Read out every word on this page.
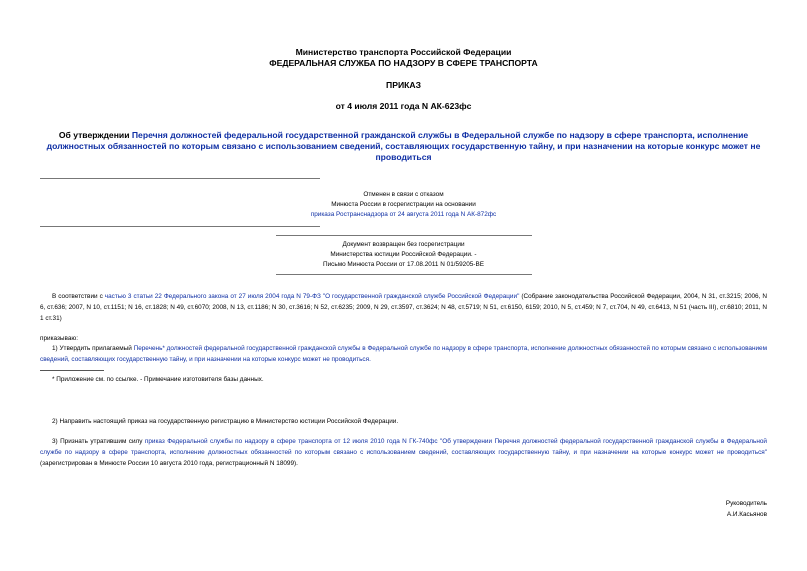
Министерство транспорта Российской Федерации
ФЕДЕРАЛЬНАЯ СЛУЖБА ПО НАДЗОРУ В СФЕРЕ ТРАНСПОРТА
ПРИКАЗ
от 4 июля 2011 года N АК-623фс
Об утверждении Перечня должностей федеральной государственной гражданской службы в Федеральной службе по надзору в сфере транспорта, исполнение должностных обязанностей по которым связано с использованием сведений, составляющих государственную тайну, и при назначении на которые конкурс может не проводиться
Отменен в связи с отказом
Минюста России в госрегистрации на основании
приказа Ространснадзора от 24 августа 2011 года N АК-872фс
Документ возвращен без госрегистрации
Министерства юстиции Российской Федерации. -
Письмо Минюста России от 17.08.2011 N 01/59205-ВЕ
В соответствии с частью 3 статьи 22 Федерального закона от 27 июля 2004 года N 79-ФЗ "О государственной гражданской службе Российской Федерации" (Собрание законодательства Российской Федерации, 2004, N 31, ст.3215; 2006, N 6, ст.636; 2007, N 10, ст.1151; N 16, ст.1828; N 49, ст.6070; 2008, N 13, ст.1186; N 30, ст.3616; N 52, ст.6235; 2009, N 29, ст.3597, ст.3624; N 48, ст.5719; N 51, ст.6150, 6159; 2010, N 5, ст.459; N 7, ст.704, N 49, ст.6413, N 51 (часть III), ст.6810; 2011, N 1 ст.31)
приказываю:
1) Утвердить прилагаемый Перечень* должностей федеральной государственной гражданской службы в Федеральной службе по надзору в сфере транспорта, исполнение должностных обязанностей по которым связано с использованием сведений, составляющих государственную тайну, и при назначении на которые конкурс может не проводиться.
* Приложение см. по ссылке. - Примечание изготовителя базы данных.
2) Направить настоящий приказ на государственную регистрацию в Министерство юстиции Российской Федерации.
3) Признать утратившим силу приказ Федеральной службы по надзору в сфере транспорта от 12 июля 2010 года N ГК-740фс "Об утверждении Перечня должностей федеральной государственной гражданской службы в Федеральной службе по надзору в сфере транспорта, исполнение должностных обязанностей по которым связано с использованием сведений, составляющих государственную тайну, и при назначении на которые конкурс может не проводиться" (зарегистрирован в Минюсте России 10 августа 2010 года, регистрационный N 18099).
Руководитель
А.И.Касьянов
